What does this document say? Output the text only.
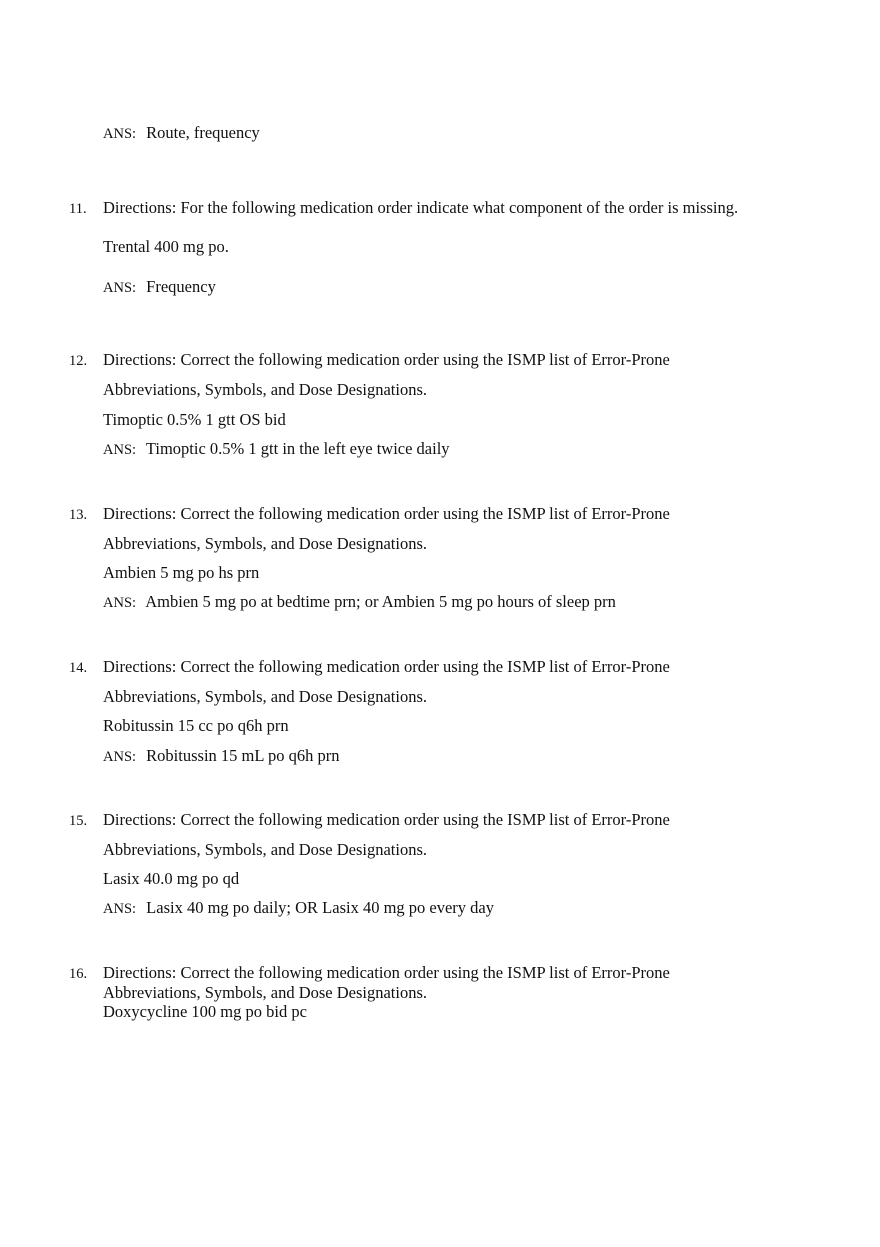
ANS: Route, frequency
11. Directions: For the following medication order indicate what component of the order is missing.
Trental 400 mg po.
ANS: Frequency
12. Directions: Correct the following medication order using the ISMP list of Error-Prone
Abbreviations, Symbols, and Dose Designations.
Timoptic 0.5% 1 gtt OS bid
ANS: Timoptic 0.5% 1 gtt in the left eye twice daily
13. Directions: Correct the following medication order using the ISMP list of Error-Prone
Abbreviations, Symbols, and Dose Designations.
Ambien 5 mg po hs prn
ANS: Ambien 5 mg po at bedtime prn; or Ambien 5 mg po hours of sleep prn
14. Directions: Correct the following medication order using the ISMP list of Error-Prone
Abbreviations, Symbols, and Dose Designations.
Robitussin 15 cc po q6h prn
ANS: Robitussin 15 mL po q6h prn
15. Directions: Correct the following medication order using the ISMP list of Error-Prone
Abbreviations, Symbols, and Dose Designations.
Lasix 40.0 mg po qd
ANS: Lasix 40 mg po daily; OR Lasix 40 mg po every day
16. Directions: Correct the following medication order using the ISMP list of Error-Prone
Abbreviations, Symbols, and Dose Designations.
Doxycycline 100 mg po bid pc
